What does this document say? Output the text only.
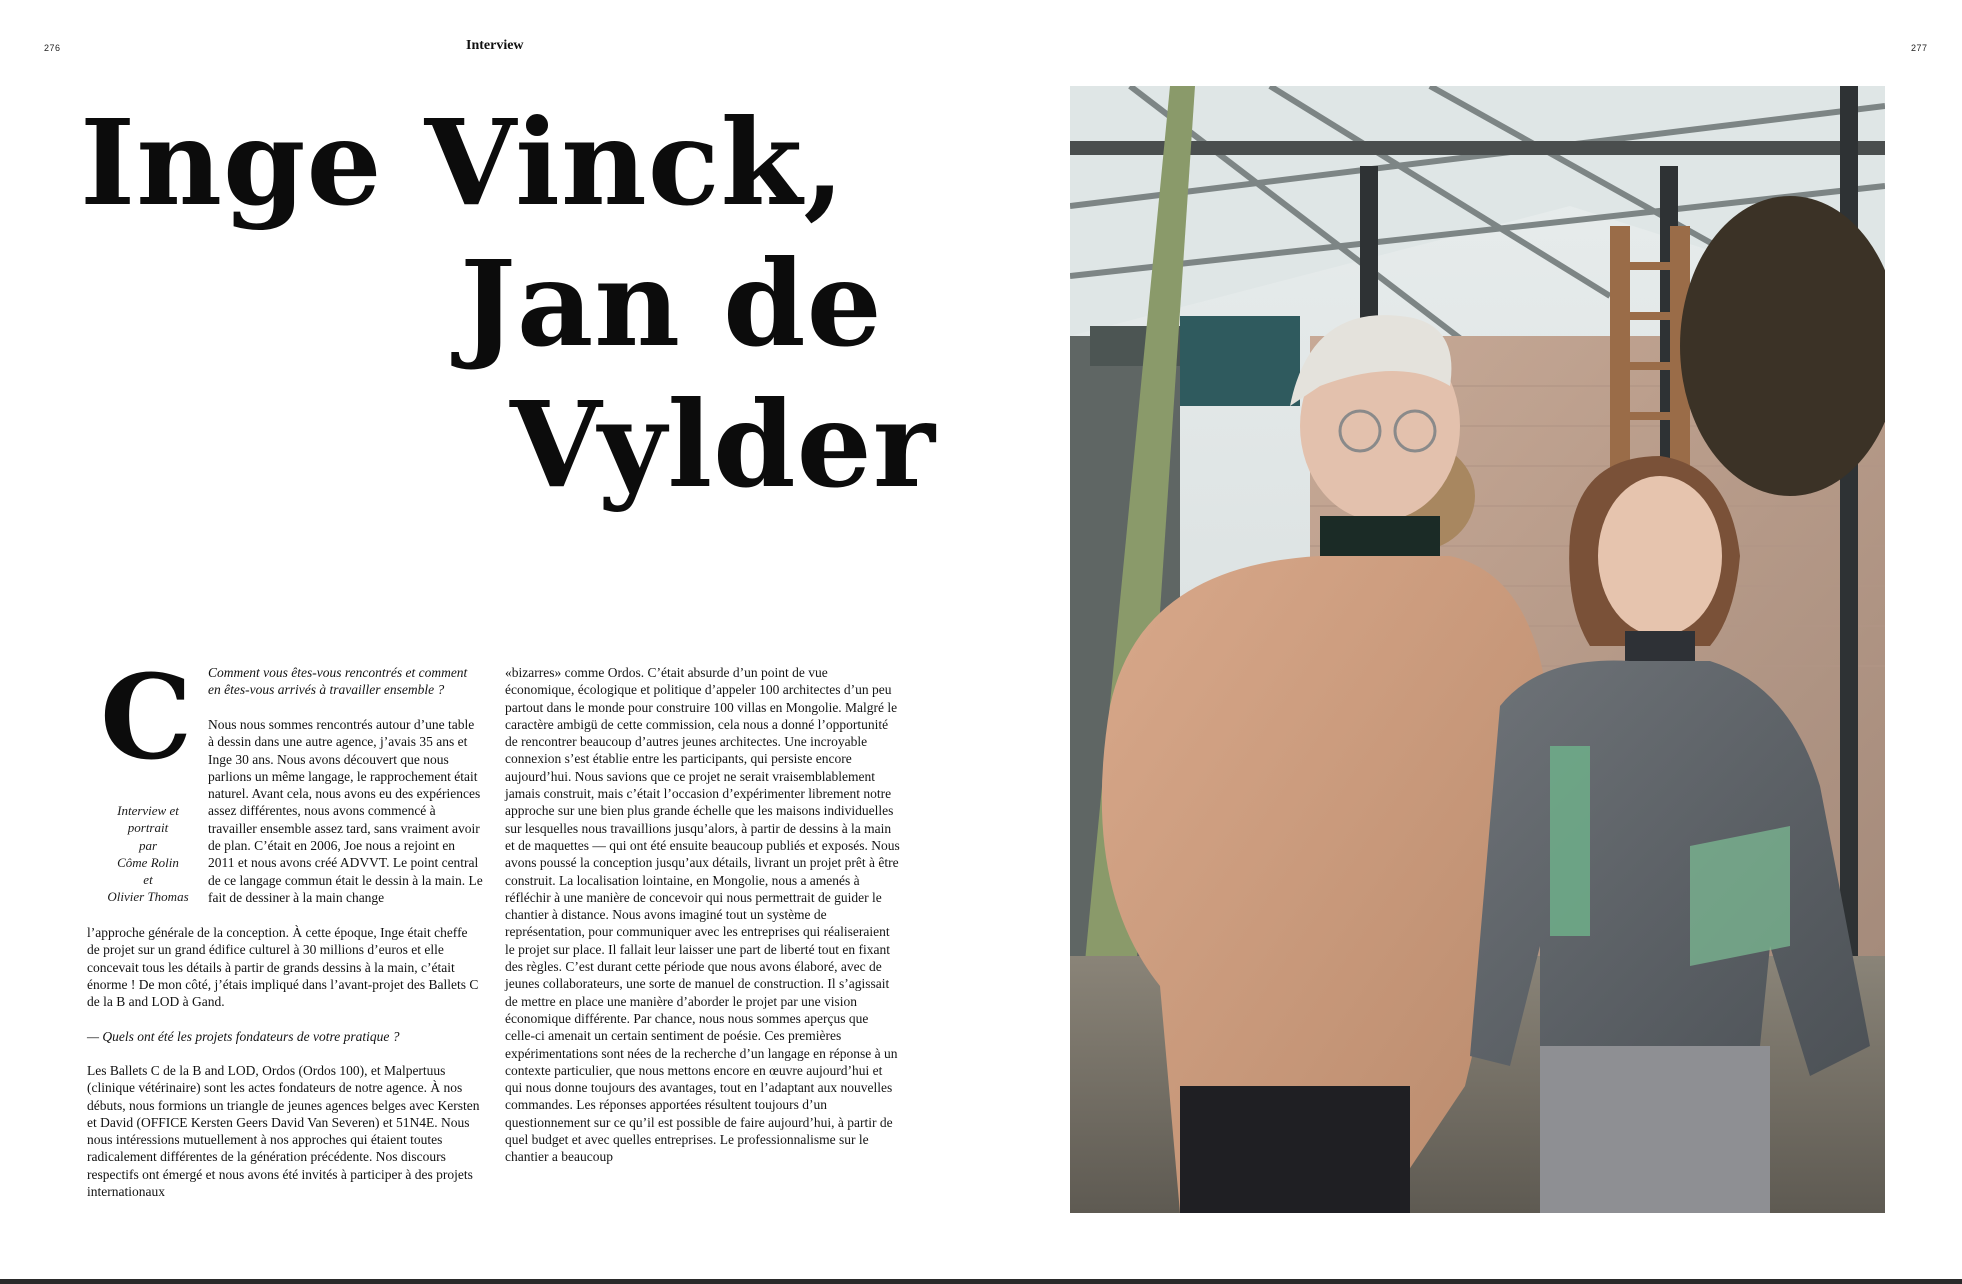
276	Interview	277
Inge Vinck,
Jan de
Vylder
C
Interview et
portrait
par
Côme Rolin
et
Olivier Thomas

Comment vous êtes-vous rencontrés et comment en êtes-vous arrivés à travailler ensemble ?

Nous nous sommes rencontrés autour d’une table à dessin dans une autre agence, j’avais 35 ans et Inge 30 ans. Nous avons découvert que nous parlions un même langage, le rapprochement était naturel. Avant cela, nous avons eu des expériences assez différentes, nous avons commencé à travailler ensemble assez tard, sans vraiment avoir de plan. C’était en 2006, Joe nous a rejoint en 2011 et nous avons créé ADVVT. Le point central de ce langage commun était le dessin à la main. Le fait de dessiner à la main change

l’approche générale de la conception. À cette époque, Inge était cheffe de projet sur un grand édifice culturel à 30 millions d’euros et elle concevait tous les détails à partir de grands dessins à la main, c’était énorme ! De mon côté, j’étais impliqué dans l’avant-projet des Ballets C de la B and LOD à Gand.

— Quels ont été les projets fondateurs de votre pratique ?

Les Ballets C de la B and LOD, Ordos (Ordos 100), et Malpertuus (clinique vétérinaire) sont les actes fondateurs de notre agence. À nos débuts, nous formions un triangle de jeunes agences belges avec Kersten et David (OFFICE Kersten Geers David Van Severen) et 51N4E. Nous nous intéressions mutuellement à nos approches qui étaient toutes radicalement différentes de la génération précédente. Nos discours respectifs ont émergé et nous avons été invités à participer à des projets internationaux

«bizarres» comme Ordos. C’était absurde d’un point de vue économique, écologique et politique d’appeler 100 architectes d’un peu partout dans le monde pour construire 100 villas en Mongolie. Malgré le caractère ambigü de cette commission, cela nous a donné l’opportunité de rencontrer beaucoup d’autres jeunes architectes. Une incroyable connexion s’est établie entre les participants, qui persiste encore aujourd’hui. Nous savions que ce projet ne serait vraisemblablement jamais construit, mais c’était l’occasion d’expérimenter librement notre approche sur une bien plus grande échelle que les maisons individuelles sur lesquelles nous travaillions jusqu’alors, à partir de dessins à la main et de maquettes — qui ont été ensuite beaucoup publiés et exposés. Nous avons poussé la conception jusqu’aux détails, livrant un projet prêt à être construit. La localisation lointaine, en Mongolie, nous a amenés à réfléchir à une manière de concevoir qui nous permettrait de guider le chantier à distance. Nous avons imaginé tout un système de représentation, pour communiquer avec les entreprises qui réaliseraient le projet sur place. Il fallait leur laisser une part de liberté tout en fixant des règles. C’est durant cette période que nous avons élaboré, avec de jeunes collaborateurs, une sorte de manuel de construction. Il s’agissait de mettre en place une manière d’aborder le projet par une vision économique différente. Par chance, nous nous sommes aperçus que celle-ci amenait un certain sentiment de poésie. Ces premières expérimentations sont nées de la recherche d’un langage en réponse à un contexte particulier, que nous mettons encore en œuvre aujourd’hui et qui nous donne toujours des avantages, tout en l’adaptant aux nouvelles commandes. Les réponses apportées résultent toujours d’un questionnement sur ce qu’il est possible de faire aujourd’hui, à partir de quel budget et avec quelles entreprises. Le professionnalisme sur le chantier a beaucoup
